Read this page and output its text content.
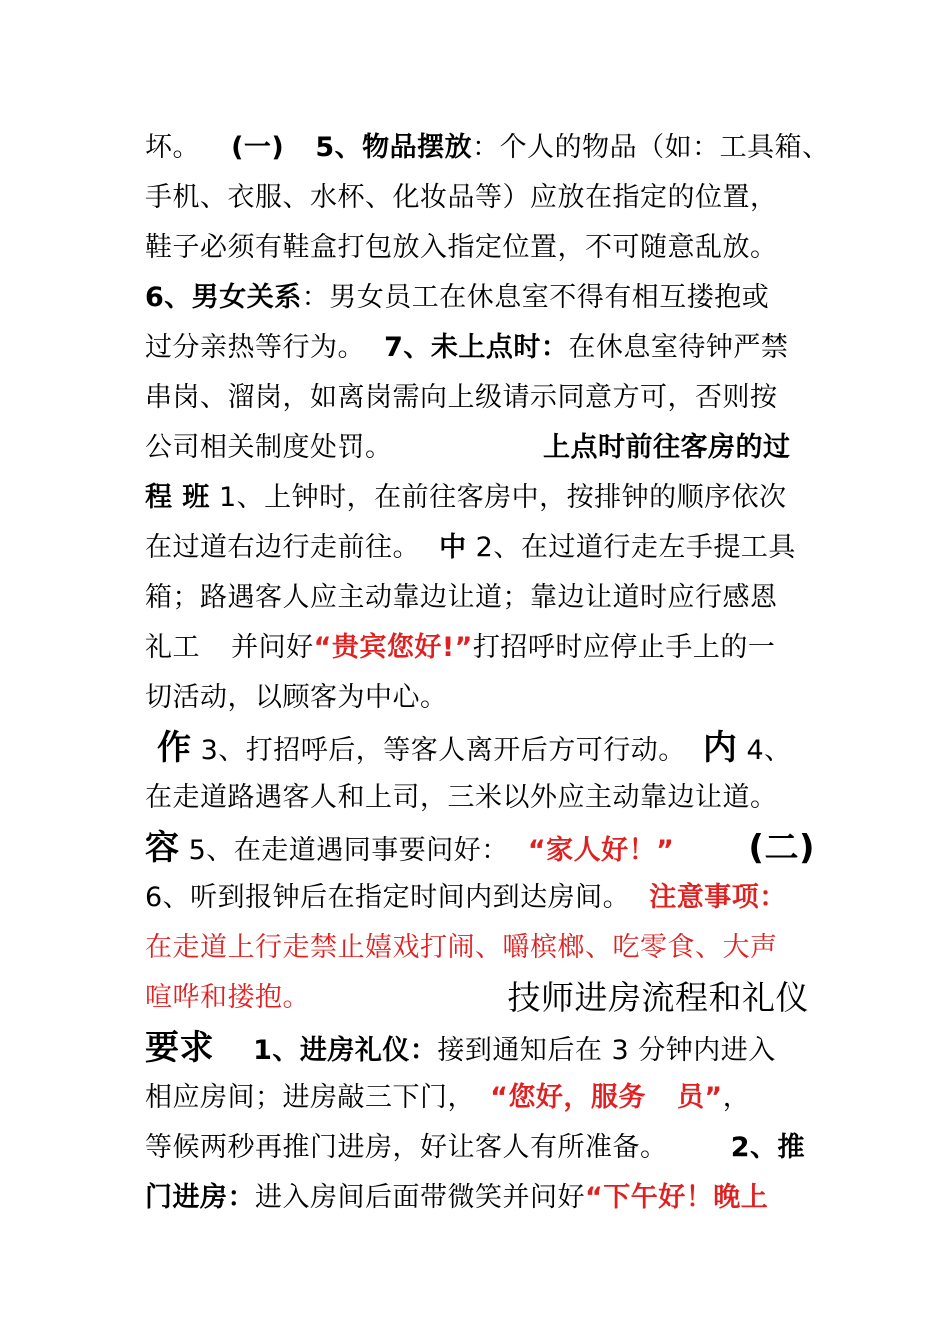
坏。 (一) 5、物品摆放：个人的物品（如：工具箱、
手机、衣服、水杯、化妆品等）应放在指定的位置，
鞋子必须有鞋盒打包放入指定位置，不可随意乱放。
6、男女关系：男女员工在休息室不得有相互搂抱或
过分亲热等行为。 7、未上点时：在休息室待钟严禁
串岗、溜岗，如离岗需向上级请示同意方可，否则按
公司相关制度处罚。	上点时前往客房的过
程 班 1、上钟时，在前往客房中，按排钟的顺序依次
在过道右边行走前往。 中 2、在过道行走左手提工具
箱；路遇客人应主动靠边让道；靠边让道时应行感恩
礼工 并问好“贵宾您好!”打招呼时应停止手上的一
切活动，以顾客为中心。
作 3、打招呼后，等客人离开后方可行动。 内 4、
在走道路遇客人和上司，三米以外应主动靠边让道。
容 5、在走道遇同事要问好： “家人好！” (二)
6、听到报钟后在指定时间内到达房间。 注意事项：
在走道上行走禁止嬉戏打闹、嚼槟榔、吃零食、大声
喧哗和搂抱。	技师进房流程和礼仪
要求 1、进房礼仪：接到通知后在 3 分钟内进入
相应房间；进房敲三下门， “您好，服务 员”，
等候两秒再推门进房，好让客人有所准备。 2、推
门进房：进入房间后面带微笑并问好“下午好！晚上
